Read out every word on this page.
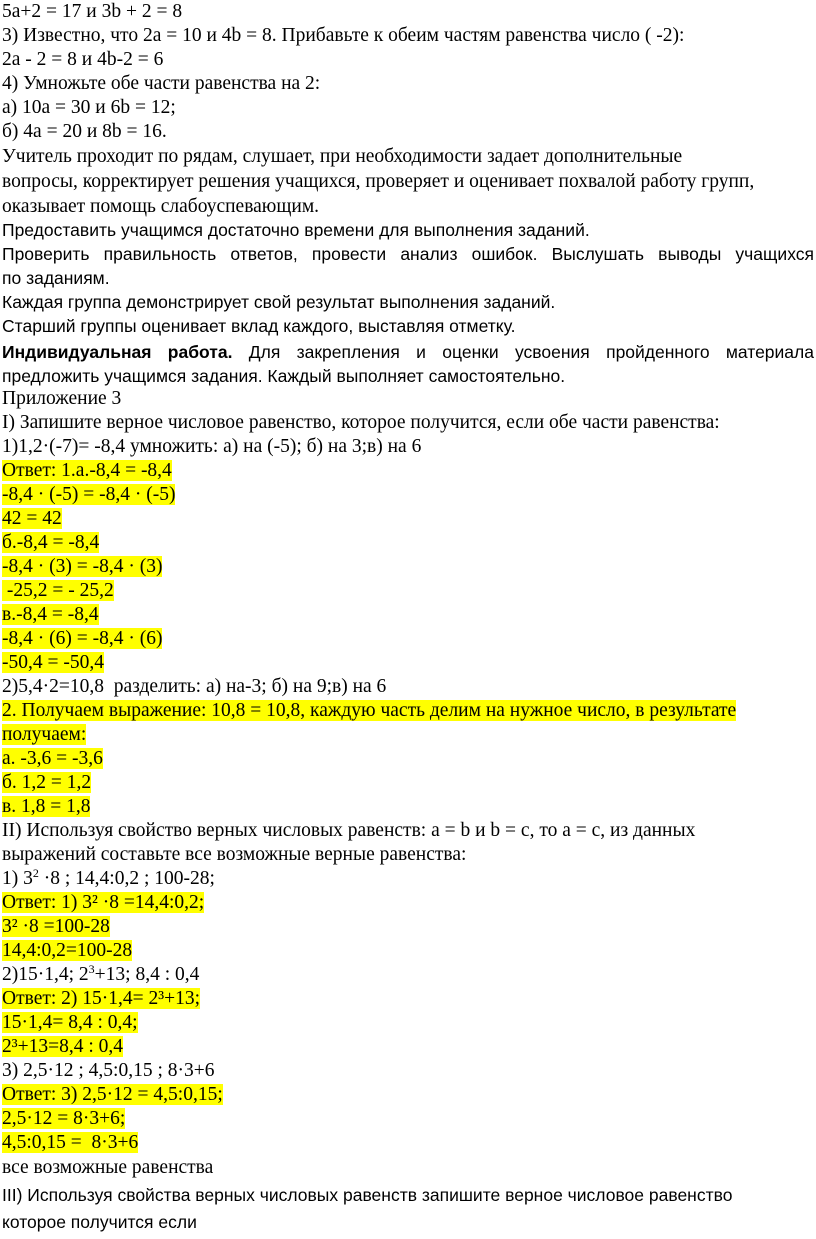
5a+2 = 17 и 3b + 2 = 8
3) Известно, что 2a = 10 и 4b = 8. Прибавьте к обеим частям равенства число ( -2):
2a - 2 = 8 и 4b-2 = 6
4) Умножьте обе части равенства на 2:
а) 10a = 30 и 6b = 12;
б) 4a = 20 и 8b = 16.
Учитель проходит по рядам, слушает, при необходимости задает дополнительные
вопросы, корректирует решения учащихся, проверяет и оценивает похвалой работу групп,
оказывает помощь слабоуспевающим.
Предоставить учащимся достаточно времени для выполнения заданий.
Проверить правильность ответов, провести анализ ошибок. Выслушать выводы учащихся
по заданиям.
Каждая группа демонстрирует свой результат выполнения заданий.
Старший группы оценивает вклад каждого, выставляя отметку.
Индивидуальная работа. Для закрепления и оценки усвоения пройденного материала
предложить учащимся задания. Каждый выполняет самостоятельно.
Приложение 3
I) Запишите верное числовое равенство, которое получится, если обе части равенства:
1)1,2·(-7)= -8,4 умножить: а) на (-5); б) на 3;в) на 6
Ответ: 1.а.-8,4 = -8,4
-8,4 · (-5) = -8,4 · (-5)
42 = 42
б.-8,4 = -8,4
-8,4 · (3) = -8,4 · (3)
-25,2 = - 25,2
в.-8,4 = -8,4
-8,4 · (6) = -8,4 · (6)
-50,4 = -50,4
2)5,4·2=10,8  разделить: а) на-3; б) на 9;в) на 6
2. Получаем выражение: 10,8 = 10,8, каждую часть делим на нужное число, в результате
получаем:
а. -3,6 = -3,6
б. 1,2 = 1,2
в. 1,8 = 1,8
II) Используя свойство верных числовых равенств: a = b и b = c, то a = c, из данных
выражений составьте все возможные верные равенства:
1) $3^2 \cdot 8$ ; 14,4:0,2 ; 100-28;
Ответ: 1) 3² ·8 =14,4:0,2;
3² ·8 =100-28
14,4:0,2=100-28
2)15·1,4; $2^3+13$; 8,4 : 0,4
Ответ: 2) 15·1,4= 2³+13;
15·1,4= 8,4 : 0,4;
2³+13=8,4 : 0,4
3) 2,5·12 ; 4,5:0,15 ; 8·3+6
Ответ: 3) 2,5·12 = 4,5:0,15;
2,5·12 = 8·3+6;
4,5:0,15 =  8·3+6
все возможные равенства
III) Используя свойства верных числовых равенств запишите верное числовое равенство
которое получится если
